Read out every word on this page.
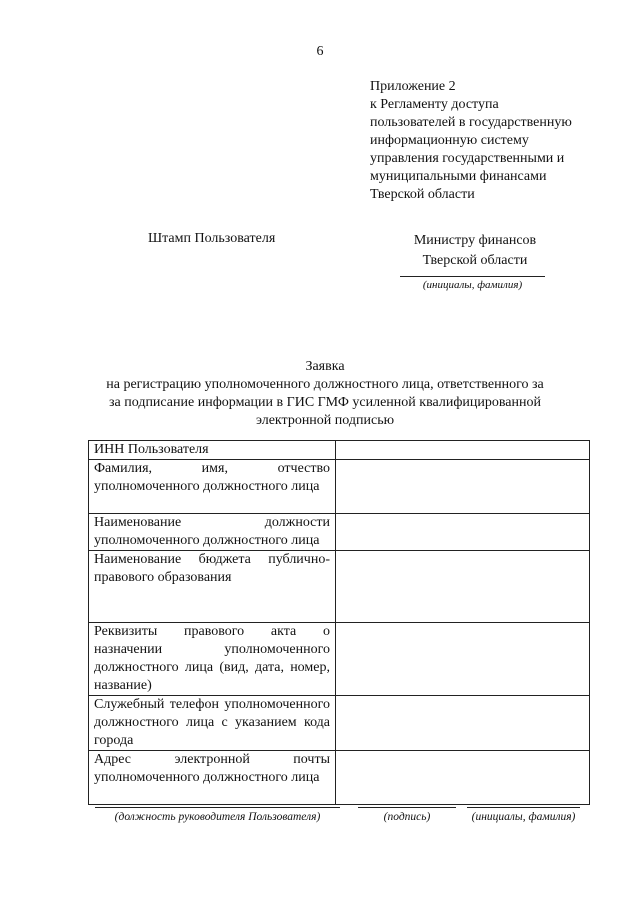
6
Приложение 2
к Регламенту доступа
пользователей в государственную
информационную систему
управления государственными и
муниципальными финансами
Тверской области
Штамп Пользователя	Министру финансов
Тверской области
(инициалы, фамилия)
Заявка
на регистрацию уполномоченного должностного лица, ответственного за
за подписание информации в ГИС ГМФ усиленной квалифицированной
электронной подписью
ИНН Пользователя	
Фамилия, имя, отчество уполномоченного должностного лица	
Наименование должности уполномоченного должностного лица	
Наименование бюджета публично-правового образования	
Реквизиты правового акта о назначении уполномоченного должностного лица (вид, дата, номер, название)	
Служебный телефон уполномоченного должностного лица с указанием кода города	
Адрес электронной почты уполномоченного должностного лица	
(должность руководителя Пользователя)	(подпись)	(инициалы, фамилия)
